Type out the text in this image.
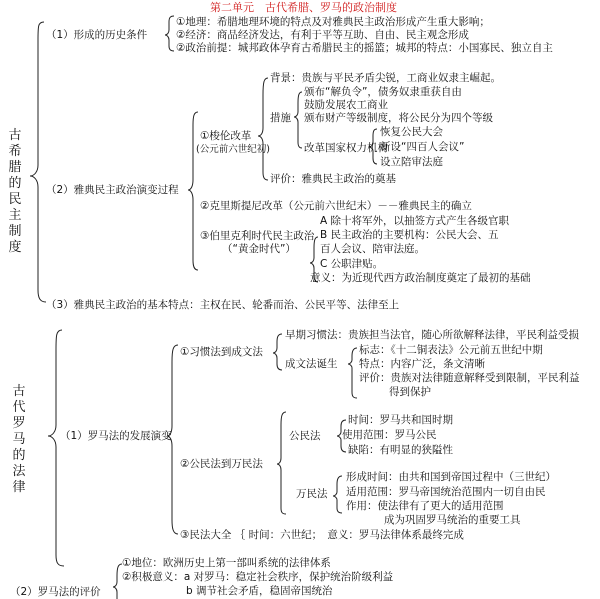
第二单元　古代希腊、罗马的政治制度
古希腊的民主制度
（1）形成的历史条件
①地理：希腊地理环境的特点及对雅典民主政治形成产生重大影响；
②经济：商品经济发达，有利于平等互助、自由、民主观念形成
②政治前提：城邦政体孕育古希腊民主的摇篮；城邦的特点：小国寡民、独立自主
（2）雅典民主政治演变过程
①梭伦改革
(公元前六世纪初)
背景：贵族与平民矛盾尖锐，工商业奴隶主崛起。
措施
颁布“解负令”，债务奴隶重获自由
鼓励发展农工商业
颁布财产等级制度，将公民分为四个等级
改革国家权力机构
恢复公民大会
新设“四百人会议”
设立陪审法庭
评价：雅典民主政治的奠基
②克里斯提尼改革（公元前六世纪末）－－雅典民主的确立
③伯里克利时代民主政治
（“黄金时代”）
A 除十将军外，以抽签方式产生各级官职
B 民主政治的主要机构：公民大会、五
百人会议、陪审法庭。
C 公职津贴。
意义：为近现代西方政治制度奠定了最初的基础
（3）雅典民主政治的基本特点：主权在民、轮番而治、公民平等、法律至上
古代罗马的法律
（1）罗马法的发展演变
①习惯法到成文法
早期习惯法：贵族担当法官，随心所欲解释法律，平民利益受损
成文法诞生
标志：《十二铜表法》公元前五世纪中期
特点：内容广泛，条文清晰
评价：贵族对法律随意解释受到限制，平民利益
得到保护
②公民法到万民法
公民法
时间：罗马共和国时期
使用范围：罗马公民
缺陷：有明显的狭隘性
万民法
形成时间：由共和国到帝国过程中（三世纪）
适用范围：罗马帝国统治范围内一切自由民
作用：使法律有了更大的适用范围
成为巩固罗马统治的重要工具
③民法大全 ｛ 时间：六世纪；　意义：罗马法律体系最终完成
（2）罗马法的评价
①地位：欧洲历史上第一部叫系统的法律体系
②积极意义：a 对罗马：稳定社会秩序，保护统治阶级利益
b 调节社会矛盾，稳固帝国统治
